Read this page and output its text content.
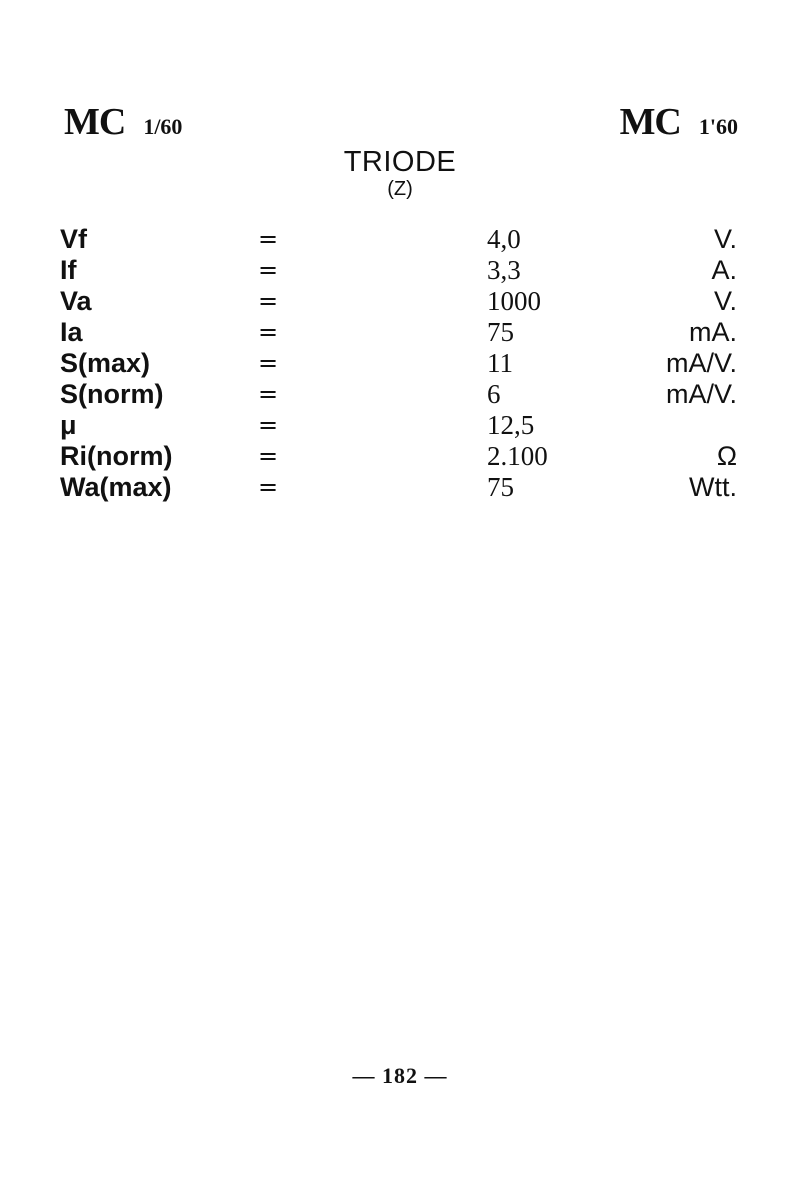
MC 1/60	MC 1'60
TRIODE
(Z)
Vf	=	4,0	V.
If	=	3,3	A.
Va	=	1000	V.
Ia	=	75	mA.
S(max)	=	11	mA/V.
S(norm)	=	6	mA/V.
μ	=	12,5
Ri(norm)	=	2.100	Ω
Wa(max)	=	75	Wtt.
— 182 —
